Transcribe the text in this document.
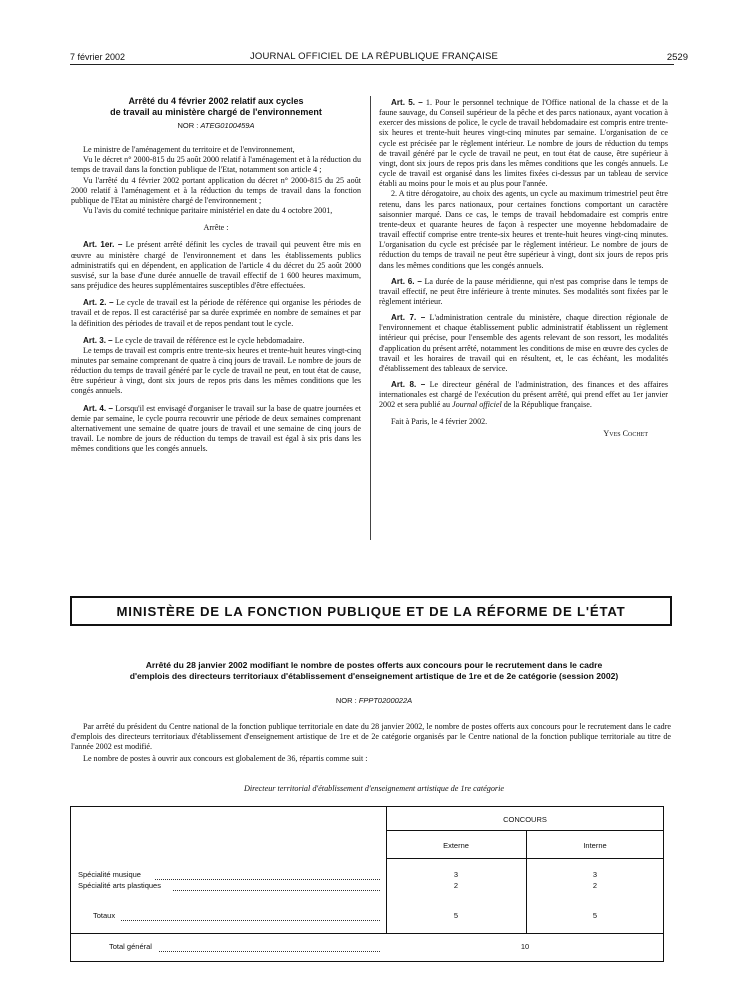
7 février 2002	JOURNAL OFFICIEL DE LA RÉPUBLIQUE FRANÇAISE	2529

Arrêté du 4 février 2002 relatif aux cycles
de travail au ministère chargé de l'environnement

NOR : ATEG0100459A

Le ministre de l'aménagement du territoire et de l'environnement,

Vu le décret n° 2000-815 du 25 août 2000 relatif à l'aménagement et à la réduction du temps de travail dans la fonction publique de l'Etat, notamment son article 4 ;

Vu l'arrêté du 4 février 2002 portant application du décret n° 2000-815 du 25 août 2000 relatif à l'aménagement et à la réduction du temps de travail dans la fonction publique de l'Etat au ministère chargé de l'environnement ;

Vu l'avis du comité technique paritaire ministériel en date du 4 octobre 2001,

Arrête :

Art. 1er. – Le présent arrêté définit les cycles de travail qui peuvent être mis en œuvre au ministère chargé de l'environnement et dans les établissements publics administratifs qui en dépendent, en application de l'article 4 du décret du 25 août 2000 susvisé, sur la base d'une durée annuelle de travail effectif de 1 600 heures maximum, sans préjudice des heures supplémentaires susceptibles d'être effectuées.

Art. 2. – Le cycle de travail est la période de référence qui organise les périodes de travail et de repos. Il est caractérisé par sa durée exprimée en nombre de semaines et par la définition des périodes de travail et de repos pendant tout le cycle.

Art. 3. – Le cycle de travail de référence est le cycle hebdomadaire.

Le temps de travail est compris entre trente-six heures et trente-huit heures vingt-cinq minutes par semaine comprenant de quatre à cinq jours de travail. Le nombre de jours de réduction du temps de travail généré par le cycle de travail ne peut, en tout état de cause, être supérieur à vingt, dont six jours de repos pris dans les mêmes conditions que les congés annuels.

Art. 4. – Lorsqu'il est envisagé d'organiser le travail sur la base de quatre journées et demie par semaine, le cycle pourra recouvrir une période de deux semaines comprenant alternativement une semaine de quatre jours de travail et une semaine de cinq jours de travail. Le nombre de jours de réduction du temps de travail est égal à six pris dans les mêmes conditions que les congés annuels.

Art. 5. – 1. Pour le personnel technique de l'Office national de la chasse et de la faune sauvage, du Conseil supérieur de la pêche et des parcs nationaux, ayant vocation à exercer des missions de police, le cycle de travail hebdomadaire est compris entre trente-six heures et trente-huit heures vingt-cinq minutes par semaine. L'organisation de ce cycle est précisée par le règlement intérieur. Le nombre de jours de réduction du temps de travail généré par le cycle de travail ne peut, en tout état de cause, être supérieur à vingt, dont six jours de repos pris dans les mêmes conditions que les congés annuels. Le cycle de travail est organisé dans les limites fixées ci-dessus par un tableau de service établi au moins pour le mois et au plus pour l'année.

2. A titre dérogatoire, au choix des agents, un cycle au maximum trimestriel peut être retenu, dans les parcs nationaux, pour certaines fonctions comportant un caractère saisonnier marqué. Dans ce cas, le temps de travail hebdomadaire est compris entre trente-deux et quarante heures de façon à respecter une moyenne hebdomadaire de travail effectif comprise entre trente-six heures et trente-huit heures vingt-cinq minutes. L'organisation du cycle est précisée par le règlement intérieur. Le nombre de jours de réduction du temps de travail ne peut être supérieur à vingt, dont six jours de repos pris dans les mêmes conditions que les congés annuels.

Art. 6. – La durée de la pause méridienne, qui n'est pas comprise dans le temps de travail effectif, ne peut être inférieure à trente minutes. Ses modalités sont fixées par le règlement intérieur.

Art. 7. – L'administration centrale du ministère, chaque direction régionale de l'environnement et chaque établissement public administratif établissent un règlement intérieur qui précise, pour l'ensemble des agents relevant de son ressort, les modalités d'application du présent arrêté, notamment les conditions de mise en œuvre des cycles de travail et les horaires de travail qui en résultent, et, le cas échéant, les modalités d'établissement des tableaux de service.

Art. 8. – Le directeur général de l'administration, des finances et des affaires internationales est chargé de l'exécution du présent arrêté, qui prend effet au 1er janvier 2002 et sera publié au Journal officiel de la République française.

Fait à Paris, le 4 février 2002.

Yves Cochet

MINISTÈRE DE LA FONCTION PUBLIQUE ET DE LA RÉFORME DE L'ÉTAT
Arrêté du 28 janvier 2002 modifiant le nombre de postes offerts aux concours pour le recrutement dans le cadre
d'emplois des directeurs territoriaux d'établissement d'enseignement artistique de 1re et de 2e catégorie (session 2002)
NOR : FPPT0200022A

Par arrêté du président du Centre national de la fonction publique territoriale en date du 28 janvier 2002, le nombre de postes offerts aux concours pour le recrutement dans le cadre d'emplois des directeurs territoriaux d'établissement d'enseignement artistique de 1re et de 2e catégorie organisés par le Centre national de la fonction publique territoriale au titre de l'année 2002 est modifié.

Le nombre de postes à ouvrir aux concours est globalement de 36, répartis comme suit :

Directeur territorial d'établissement d'enseignement artistique de 1re catégorie
CONCOURS
Externe	Interne
Spécialité musique	3	3
Spécialité arts plastiques	2	2
Totaux	5	5
Total général	10
